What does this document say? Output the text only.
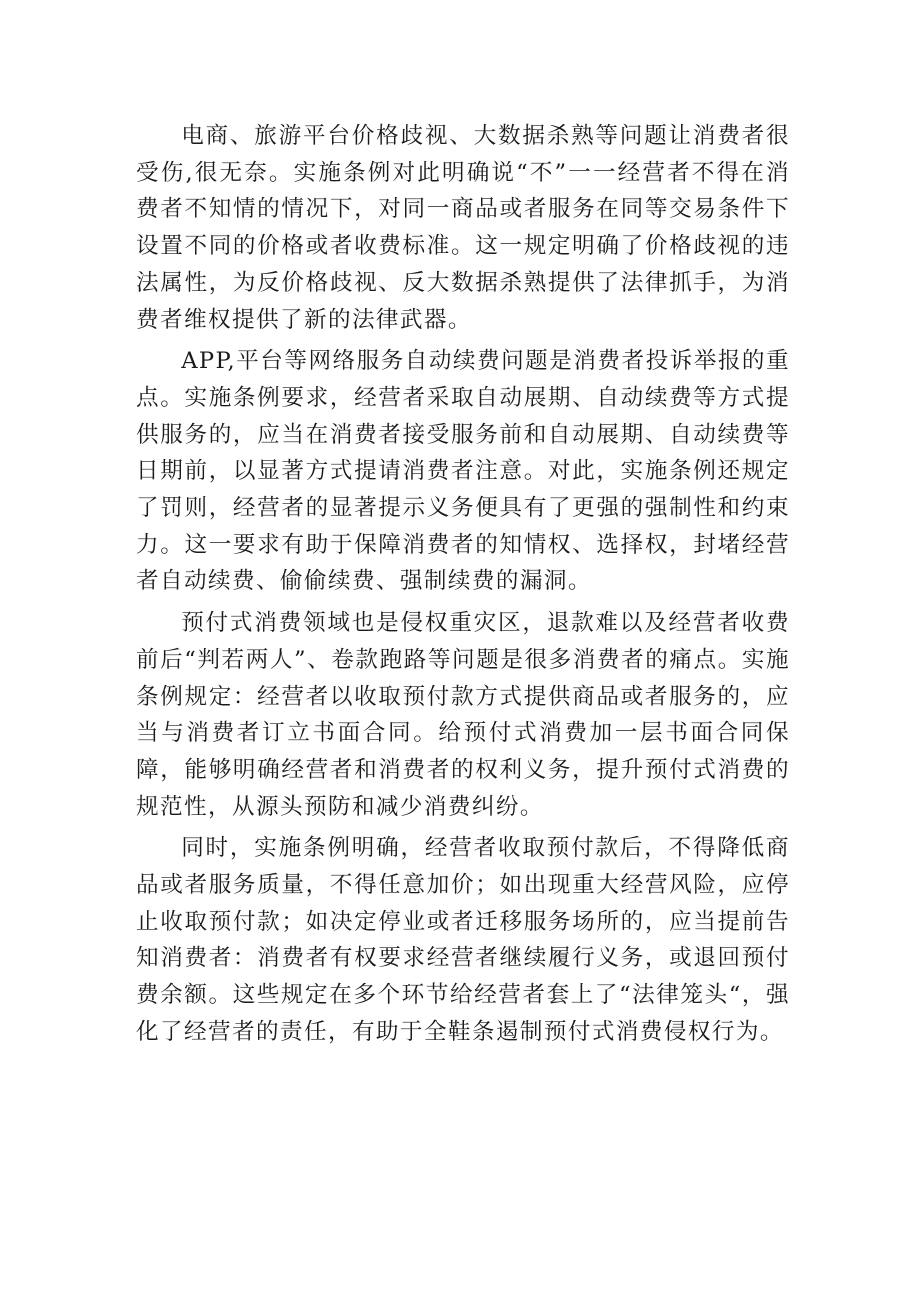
电商、旅游平台价格歧视、大数据杀熟等问题让消费者很受伤,很无奈。实施条例对此明确说“不”一一经营者不得在消费者不知情的情况下，对同一商品或者服务在同等交易条件下设置不同的价格或者收费标准。这一规定明确了价格歧视的违法属性，为反价格歧视、反大数据杀熟提供了法律抓手，为消费者维权提供了新的法律武器。

APP,平台等网络服务自动续费问题是消费者投诉举报的重点。实施条例要求，经营者采取自动展期、自动续费等方式提供服务的，应当在消费者接受服务前和自动展期、自动续费等日期前，以显著方式提请消费者注意。对此，实施条例还规定了罚则，经营者的显著提示义务便具有了更强的强制性和约束力。这一要求有助于保障消费者的知情权、选择权，封堵经营者自动续费、偷偷续费、强制续费的漏洞。

预付式消费领域也是侵权重灾区，退款难以及经营者收费前后“判若两人”、卷款跑路等问题是很多消费者的痛点。实施条例规定：经营者以收取预付款方式提供商品或者服务的，应当与消费者订立书面合同。给预付式消费加一层书面合同保障，能够明确经营者和消费者的权利义务，提升预付式消费的规范性，从源头预防和减少消费纠纷。

同时，实施条例明确，经营者收取预付款后，不得降低商品或者服务质量，不得任意加价；如出现重大经营风险，应停止收取预付款；如决定停业或者迁移服务场所的，应当提前告知消费者：消费者有权要求经营者继续履行义务，或退回预付费余额。这些规定在多个环节给经营者套上了“法律笼头“，强化了经营者的责任，有助于全鞋条遏制预付式消费侵权行为。
